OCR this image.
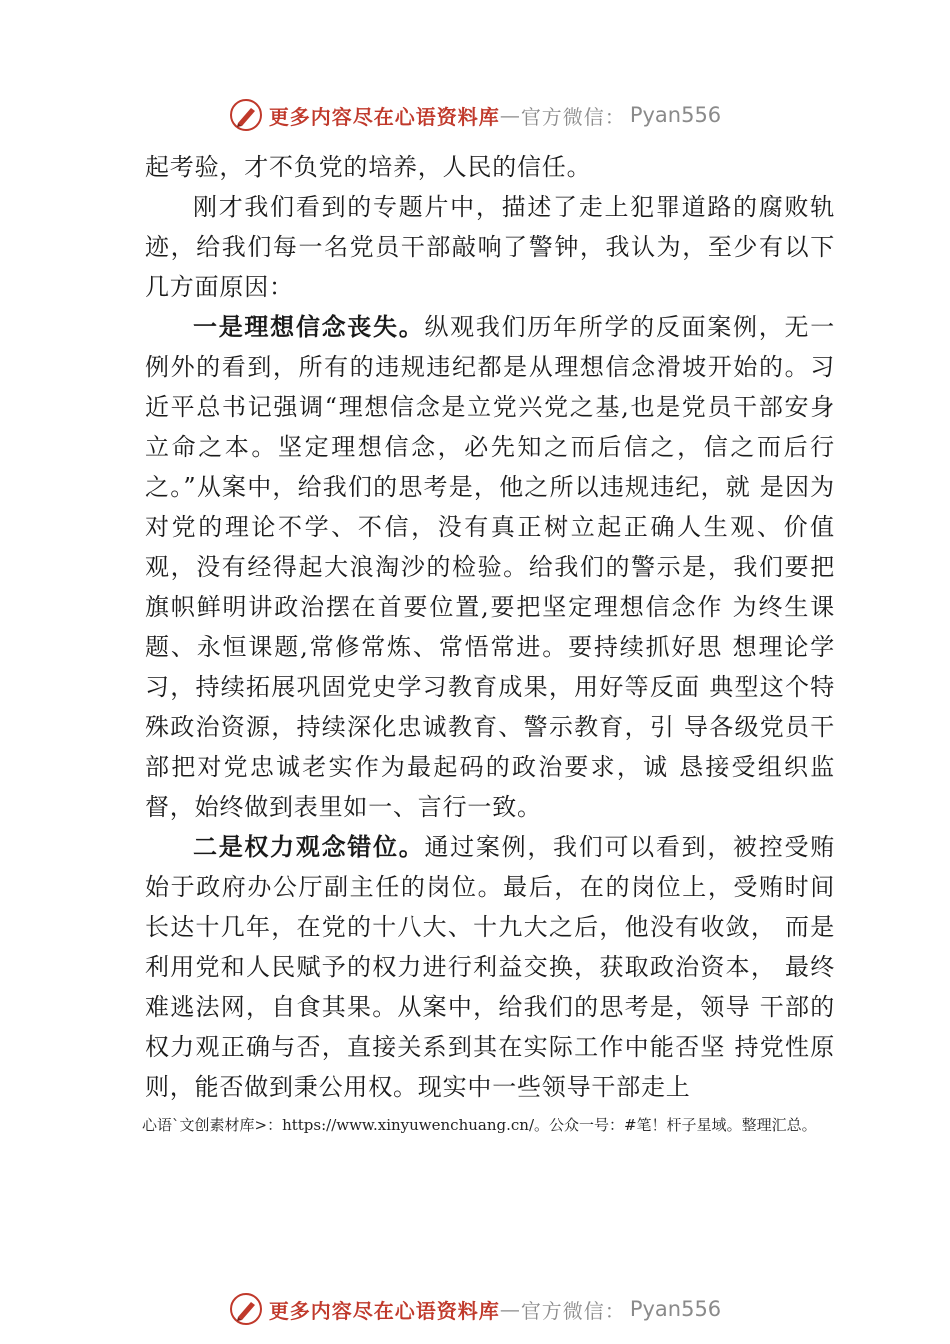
更多内容尽在心语资料库 — 官方微信： Pyan556

起考验，才不负党的培养，人民的信任。

刚才我们看到的专题片中，描述了走上犯罪道路的腐败轨迹，给我们每一名党员干部敲响了警钟，我认为，至少有以下几方面原因：

一是理想信念丧失。纵观我们历年所学的反面案例，无一例外的看到，所有的违规违纪都是从理想信念滑坡开始的。习近平总书记强调“理想信念是立党兴党之基,也是党员干部安身立命之本。坚定理想信念，必先知之而后信之，信之而后行之。”从案中，给我们的思考是，他之所以违规违纪，就 是因为对党的理论不学、不信，没有真正树立起正确人生观、价值观，没有经得起大浪淘沙的检验。给我们的警示是，我们要把旗帜鲜明讲政治摆在首要位置,要把坚定理想信念作 为终生课题、永恒课题,常修常炼、常悟常进。要持续抓好思 想理论学习，持续拓展巩固党史学习教育成果，用好等反面 典型这个特殊政治资源，持续深化忠诚教育、警示教育，引 导各级党员干部把对党忠诚老实作为最起码的政治要求，诚 恳接受组织监督，始终做到表里如一、言行一致。

二是权力观念错位。通过案例，我们可以看到，被控受贿始于政府办公厅副主任的岗位。最后，在的岗位上，受贿时间长达十几年，在党的十八大、十九大之后，他没有收敛， 而是利用党和人民赋予的权力进行利益交换，获取政治资本， 最终难逃法网，自食其果。从案中，给我们的思考是，领导 干部的权力观正确与否，直接关系到其在实际工作中能否坚 持党性原则，能否做到秉公用权。现实中一些领导干部走上

心语`文创素材库>：https://www.xinyuwenchuang.cn/。公众一号：#笔！杆子星域。整理汇总。
更多内容尽在心语资料库 — 官方微信： Pyan556
